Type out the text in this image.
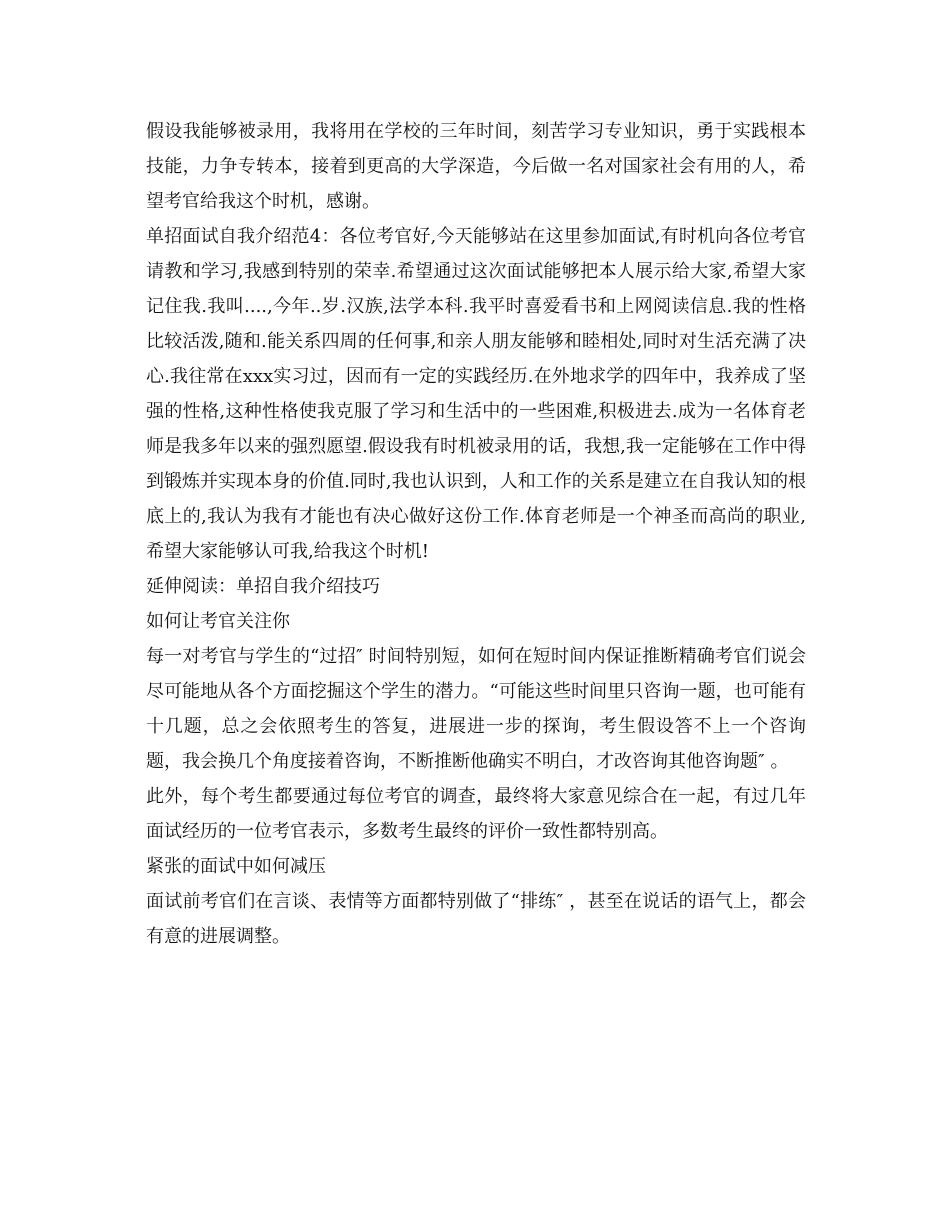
假设我能够被录用，我将用在学校的三年时间，刻苦学习专业知识，勇于实践根本技能，力争专转本，接着到更高的大学深造，今后做一名对国家社会有用的人，希望考官给我这个时机，感谢。

单招面试自我介绍范4：各位考官好,今天能够站在这里参加面试,有时机向各位考官请教和学习,我感到特别的荣幸.希望通过这次面试能够把本人展示给大家,希望大家记住我.我叫....,今年..岁.汉族,法学本科.我平时喜爱看书和上网阅读信息.我的性格比较活泼,随和.能关系四周的任何事,和亲人朋友能够和睦相处,同时对生活充满了决心.我往常在xxx实习过，因而有一定的实践经历.在外地求学的四年中，我养成了坚强的性格,这种性格使我克服了学习和生活中的一些困难,积极进去.成为一名体育老师是我多年以来的强烈愿望.假设我有时机被录用的话，我想,我一定能够在工作中得到锻炼并实现本身的价值.同时,我也认识到，人和工作的关系是建立在自我认知的根底上的,我认为我有才能也有决心做好这份工作.体育老师是一个神圣而高尚的职业,希望大家能够认可我,给我这个时机!

延伸阅读：单招自我介绍技巧

如何让考官关注你

每一对考官与学生的“过招″ 时间特别短，如何在短时间内保证推断精确考官们说会尽可能地从各个方面挖掘这个学生的潜力。“可能这些时间里只咨询一题，也可能有十几题，总之会依照考生的答复，进展进一步的探询，考生假设答不上一个咨询题，我会换几个角度接着咨询，不断推断他确实不明白，才改咨询其他咨询题″ 。

此外，每个考生都要通过每位考官的调查，最终将大家意见综合在一起，有过几年面试经历的一位考官表示，多数考生最终的评价一致性都特别高。

紧张的面试中如何减压

面试前考官们在言谈、表情等方面都特别做了“排练″ ，甚至在说话的语气上，都会有意的进展调整。
